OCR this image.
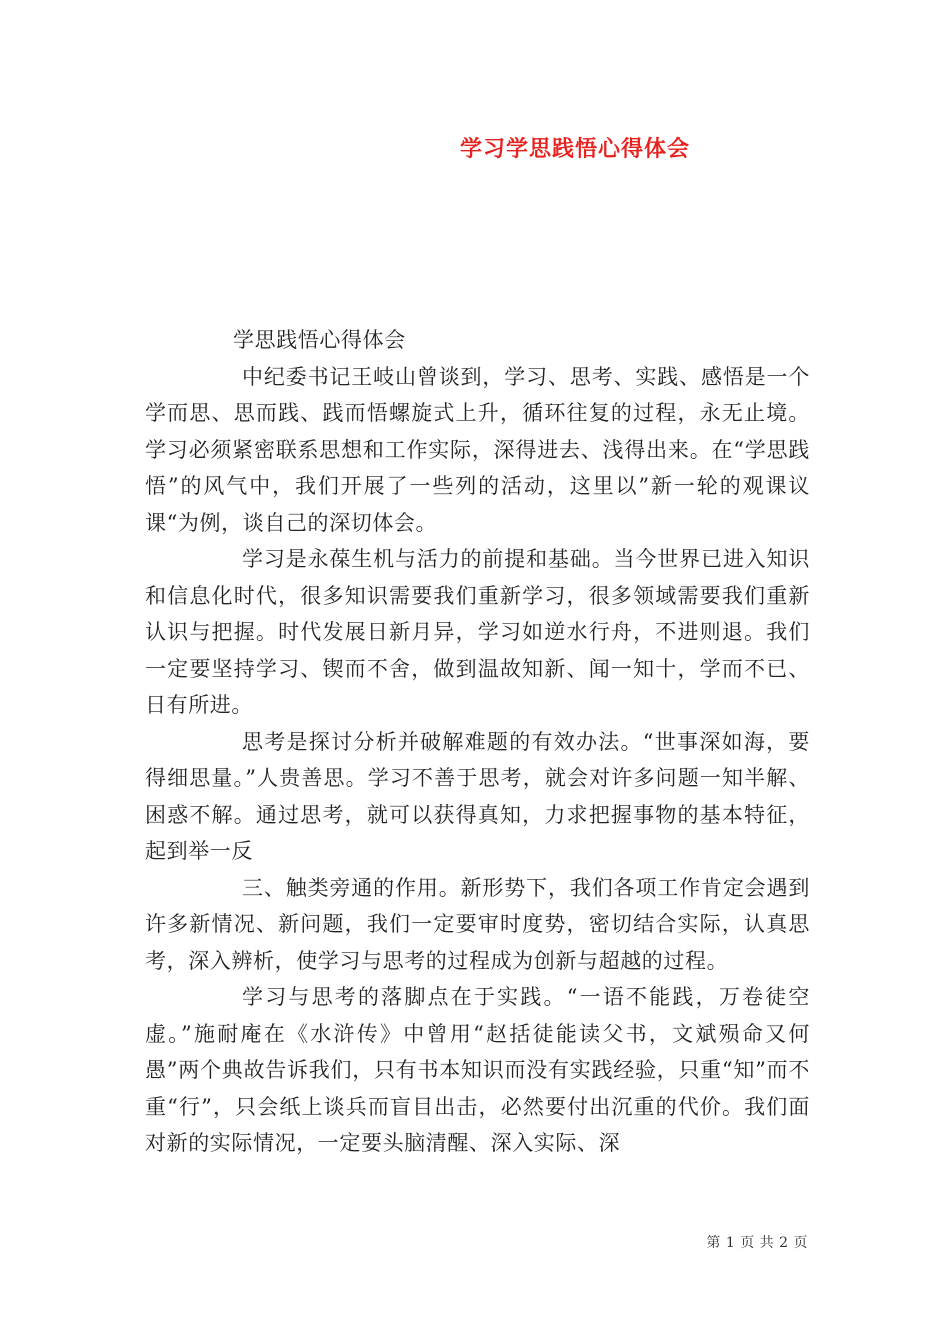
学习学思践悟心得体会

学思践悟心得体会

中纪委书记王岐山曾谈到，学习、思考、实践、感悟是一个学而思、思而践、践而悟螺旋式上升，循环往复的过程，永无止境。学习必须紧密联系思想和工作实际，深得进去、浅得出来。在“学思践悟”的风气中，我们开展了一些列的活动，这里以”新一轮的观课议课“为例，谈自己的深切体会。

学习是永葆生机与活力的前提和基础。当今世界已进入知识和信息化时代，很多知识需要我们重新学习，很多领域需要我们重新认识与把握。时代发展日新月异，学习如逆水行舟，不进则退。我们一定要坚持学习、锲而不舍，做到温故知新、闻一知十，学而不已、日有所进。

思考是探讨分析并破解难题的有效办法。“世事深如海，要得细思量。”人贵善思。学习不善于思考，就会对许多问题一知半解、困惑不解。通过思考，就可以获得真知，力求把握事物的基本特征，起到举一反

三、触类旁通的作用。新形势下，我们各项工作肯定会遇到许多新情况、新问题，我们一定要审时度势，密切结合实际，认真思考，深入辨析，使学习与思考的过程成为创新与超越的过程。

学习与思考的落脚点在于实践。“一语不能践，万卷徒空虚。”施耐庵在《水浒传》中曾用“赵括徒能读父书，文斌殒命又何愚”两个典故告诉我们，只有书本知识而没有实践经验，只重“知”而不重“行”，只会纸上谈兵而盲目出击，必然要付出沉重的代价。我们面对新的实际情况，一定要头脑清醒、深入实际、深

第 1 页 共 2 页
